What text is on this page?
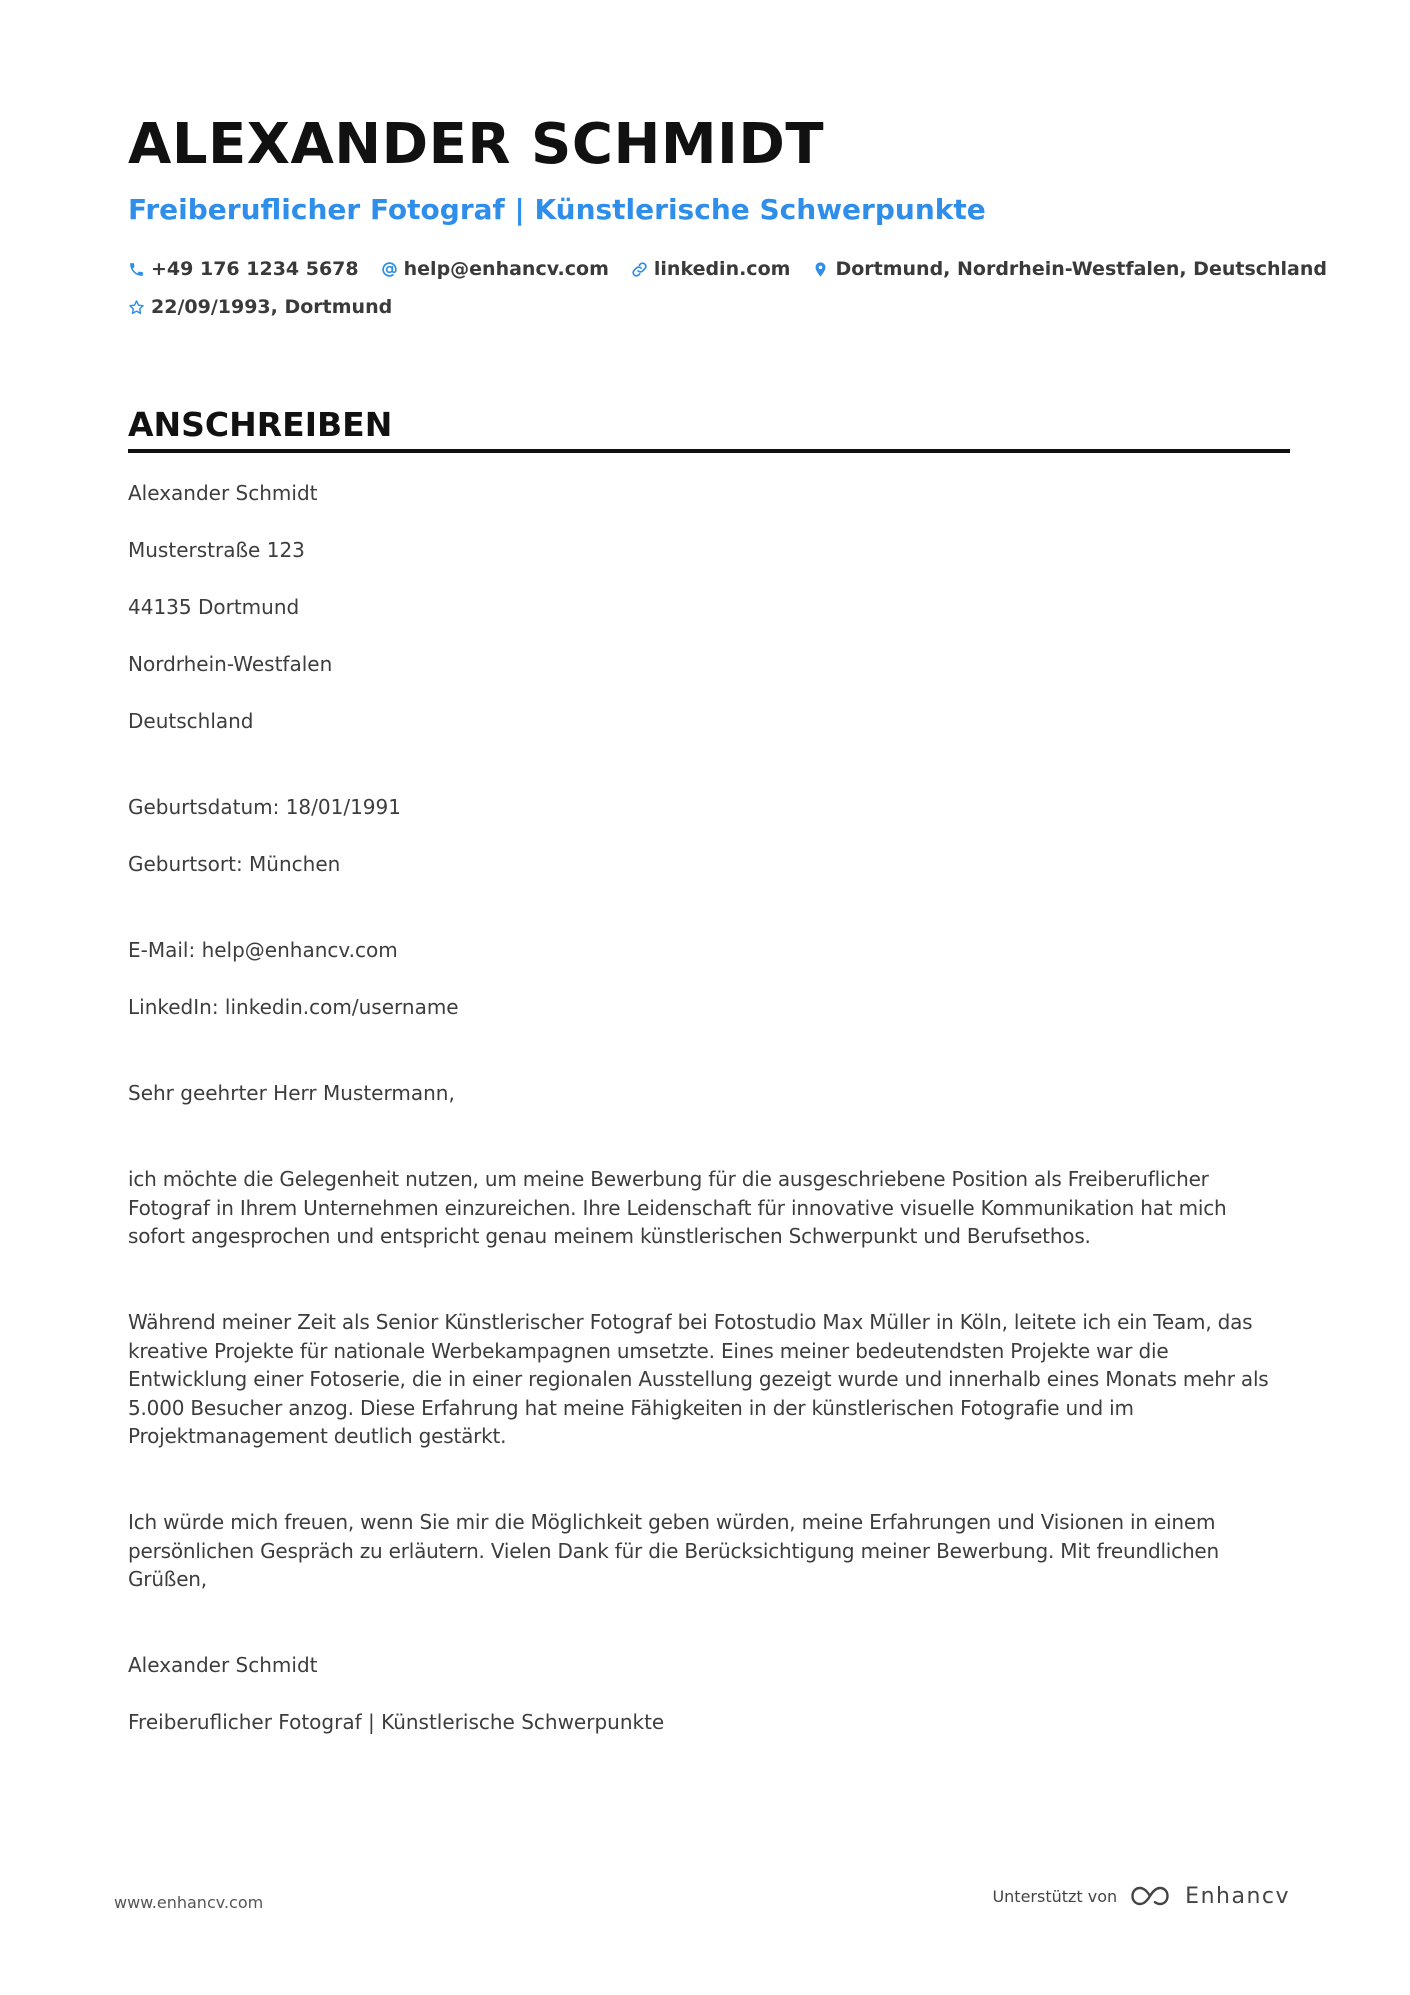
ALEXANDER SCHMIDT
Freiberuflicher Fotograf | Künstlerische Schwerpunkte
+49 176 1234 5678 help@enhancv.com linkedin.com Dortmund, Nordrhein-Westfalen, Deutschland
22/09/1993, Dortmund
ANSCHREIBEN

Alexander Schmidt

Musterstraße 123

44135 Dortmund

Nordrhein-Westfalen

Deutschland

Geburtsdatum: 18/01/1991

Geburtsort: München

E-Mail: help@enhancv.com

LinkedIn: linkedin.com/username

Sehr geehrter Herr Mustermann,

ich möchte die Gelegenheit nutzen, um meine Bewerbung für die ausgeschriebene Position als Freiberuflicher Fotograf in Ihrem Unternehmen einzureichen. Ihre Leidenschaft für innovative visuelle Kommunikation hat mich sofort angesprochen und entspricht genau meinem künstlerischen Schwerpunkt und Berufsethos.

Während meiner Zeit als Senior Künstlerischer Fotograf bei Fotostudio Max Müller in Köln, leitete ich ein Team, das kreative Projekte für nationale Werbekampagnen umsetzte. Eines meiner bedeutendsten Projekte war die Entwicklung einer Fotoserie, die in einer regionalen Ausstellung gezeigt wurde und innerhalb eines Monats mehr als 5.000 Besucher anzog. Diese Erfahrung hat meine Fähigkeiten in der künstlerischen Fotografie und im Projektmanagement deutlich gestärkt.

Ich würde mich freuen, wenn Sie mir die Möglichkeit geben würden, meine Erfahrungen und Visionen in einem persönlichen Gespräch zu erläutern. Vielen Dank für die Berücksichtigung meiner Bewerbung. Mit freundlichen Grüßen,

Alexander Schmidt

Freiberuflicher Fotograf | Künstlerische Schwerpunkte

www.enhancv.com	Unterstützt von	Enhancv
